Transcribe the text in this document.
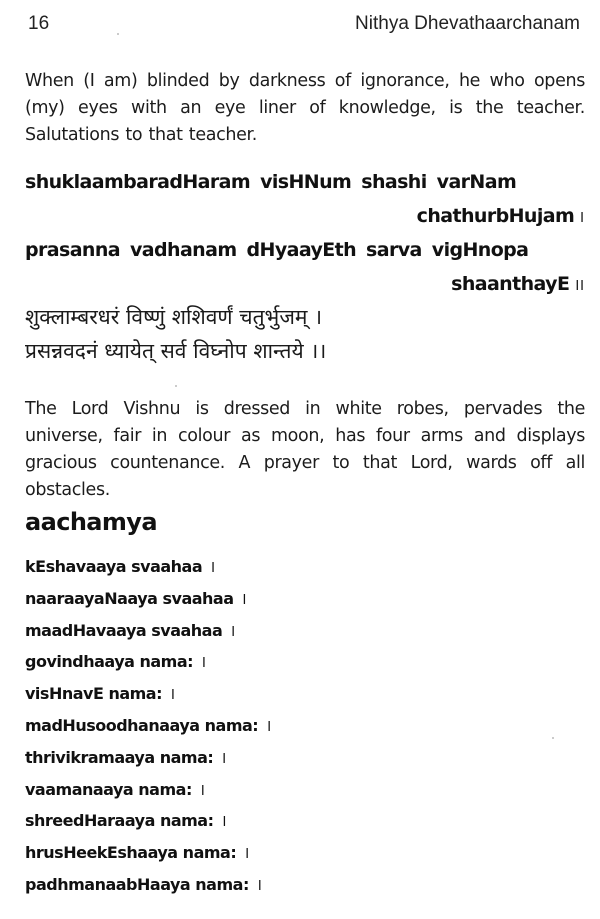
16	Nithya Dhevathaarchanam
When (I am) blinded by darkness of ignorance, he who opens (my) eyes with an eye liner of knowledge, is the teacher. Salutations to that teacher.
shuklaambaradHaram visHNum shashi varNam
chathurbHujam I
prasanna vadhanam dHyaayEth sarva vigHnopa
shaanthayE II
शुक्लाम्बरधरं विष्णुं शशिवर्णं चतुर्भुजम् ।
प्रसन्नवदनं ध्यायेत् सर्व विघ्नोप शान्तये ।।
The Lord Vishnu is dressed in white robes, pervades the universe, fair in colour as moon, has four arms and displays gracious countenance. A prayer to that Lord, wards off all obstacles.
aachamya
kEshavaaya svaahaa I
naaraayaNaaya svaahaa I
maadHavaaya svaahaa I
govindhaaya nama: I
visHnavE nama: I
madHusoodhanaaya nama: I
thrivikramaaya nama: I
vaamanaaya nama: I
shreedHaraaya nama: I
hrusHeekEshaaya nama: I
padhmanaabHaaya nama: I
